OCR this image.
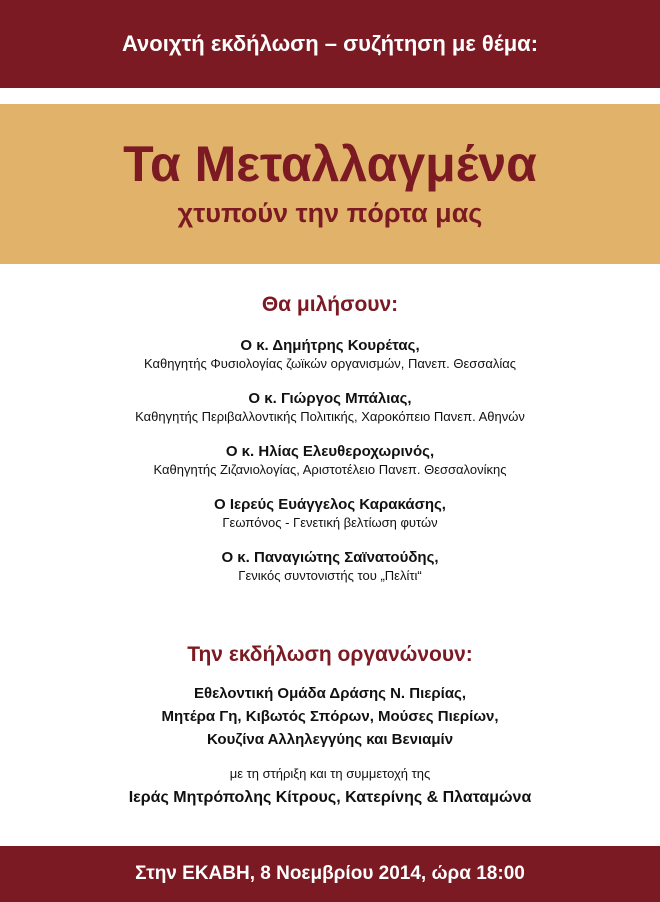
Ανοιχτή εκδήλωση – συζήτηση με θέμα:
Τα Μεταλλαγμένα
χτυπούν την πόρτα μας
Θα μιλήσουν:
Ο κ. Δημήτρης Κουρέτας,
Καθηγητής Φυσιολογίας ζωϊκών οργανισμών, Πανεπ. Θεσσαλίας
Ο κ. Γιώργος Μπάλιας,
Καθηγητής Περιβαλλοντικής Πολιτικής, Χαροκόπειο Πανεπ. Αθηνών
Ο κ. Ηλίας Ελευθεροχωρινός,
Καθηγητής Ζιζανιολογίας, Αριστοτέλειο Πανεπ. Θεσσαλονίκης
Ο Ιερεύς Ευάγγελος Καρακάσης,
Γεωπόνος - Γενετική βελτίωση φυτών
Ο κ. Παναγιώτης Σαϊνατούδης,
Γενικός συντονιστής του „Πελίτι“
Την εκδήλωση οργανώνουν:
Εθελοντική Ομάδα Δράσης Ν. Πιερίας,
Μητέρα Γη, Κιβωτός Σπόρων, Μούσες Πιερίων,
Κουζίνα Αλληλεγγύης και Βενιαμίν
με τη στήριξη και τη συμμετοχή της
Ιεράς Μητρόπολης Κίτρους, Κατερίνης & Πλαταμώνα
Στην ΕΚΑΒΗ, 8 Νοεμβρίου 2014, ώρα 18:00
